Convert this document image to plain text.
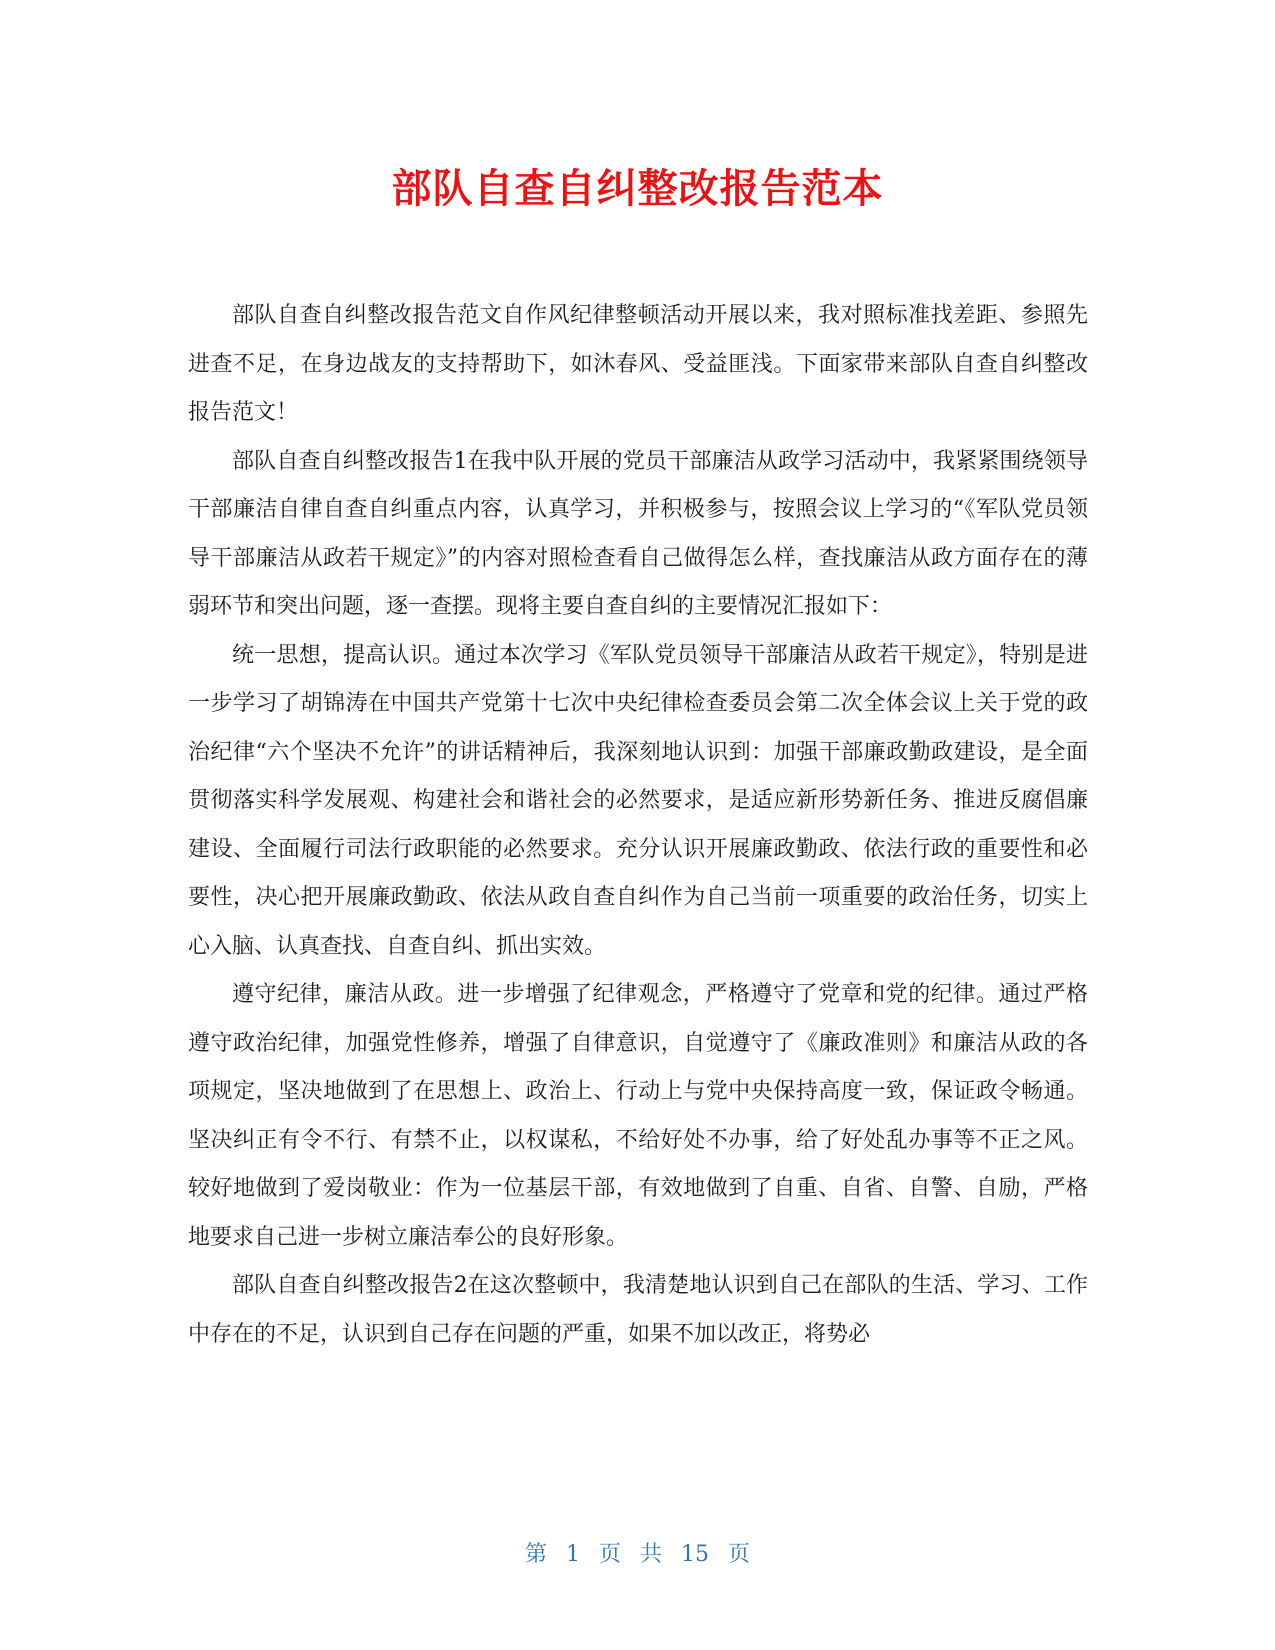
部队自查自纠整改报告范本

部队自查自纠整改报告范文自作风纪律整顿活动开展以来，我对照标准找差距、参照先进查不足，在身边战友的支持帮助下，如沐春风、受益匪浅。下面家带来部队自查自纠整改报告范文！

部队自查自纠整改报告1在我中队开展的党员干部廉洁从政学习活动中，我紧紧围绕领导干部廉洁自律自查自纠重点内容，认真学习，并积极参与，按照会议上学习的“《军队党员领导干部廉洁从政若干规定》”的内容对照检查看自己做得怎么样，查找廉洁从政方面存在的薄弱环节和突出问题，逐一查摆。现将主要自查自纠的主要情况汇报如下：

统一思想，提高认识。通过本次学习《军队党员领导干部廉洁从政若干规定》，特别是进一步学习了胡锦涛在中国共产党第十七次中央纪律检查委员会第二次全体会议上关于党的政治纪律“六个坚决不允许”的讲话精神后，我深刻地认识到：加强干部廉政勤政建设，是全面贯彻落实科学发展观、构建社会和谐社会的必然要求，是适应新形势新任务、推进反腐倡廉建设、全面履行司法行政职能的必然要求。充分认识开展廉政勤政、依法行政的重要性和必要性，决心把开展廉政勤政、依法从政自查自纠作为自己当前一项重要的政治任务，切实上心入脑、认真查找、自查自纠、抓出实效。

遵守纪律，廉洁从政。进一步增强了纪律观念，严格遵守了党章和党的纪律。通过严格遵守政治纪律，加强党性修养，增强了自律意识，自觉遵守了《廉政准则》和廉洁从政的各项规定，坚决地做到了在思想上、政治上、行动上与党中央保持高度一致，保证政令畅通。坚决纠正有令不行、有禁不止，以权谋私，不给好处不办事，给了好处乱办事等不正之风。较好地做到了爱岗敬业：作为一位基层干部，有效地做到了自重、自省、自警、自励，严格地要求自己进一步树立廉洁奉公的良好形象。

部队自查自纠整改报告2在这次整顿中，我清楚地认识到自己在部队的生活、学习、工作中存在的不足，认识到自己存在问题的严重，如果不加以改正，将势必

第 1 页 共 15 页
